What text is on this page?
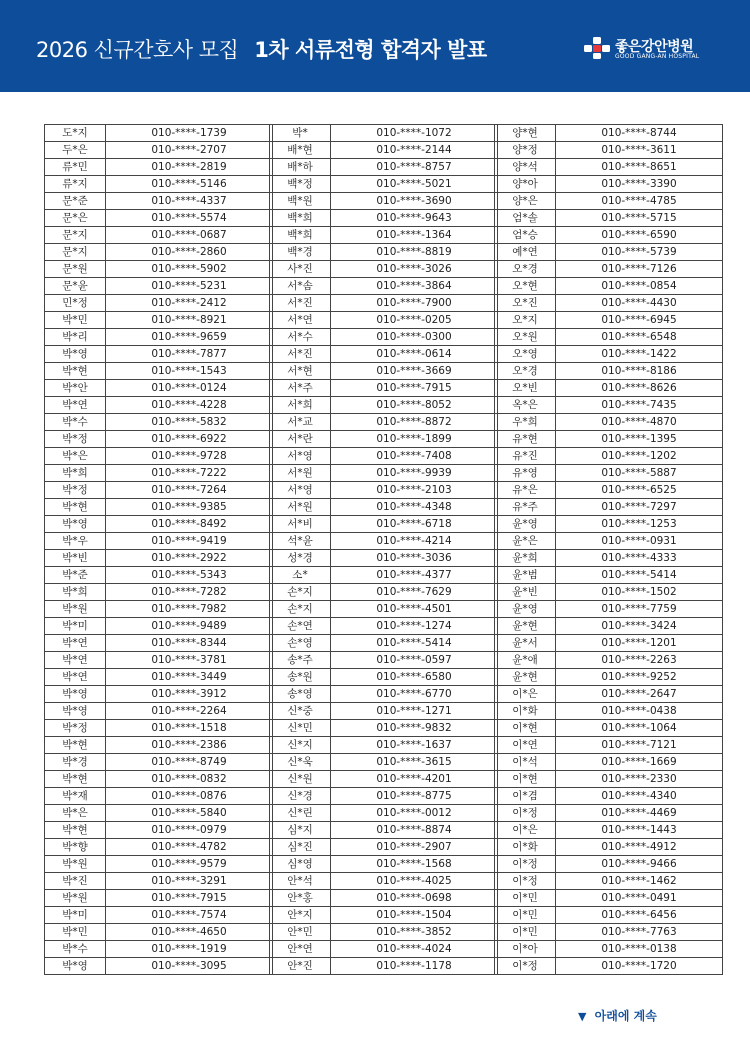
2026 신규간호사 모집 1차 서류전형 합격자 발표	좋은강안병원
GOOD GANG-AN HOSPITAL
도*지	010-****-1739
두*은	010-****-2707
류*민	010-****-2819
류*지	010-****-5146
문*준	010-****-4337
문*은	010-****-5574
문*지	010-****-0687
문*지	010-****-2860
문*원	010-****-5902
문*윤	010-****-5231
민*정	010-****-2412
박*민	010-****-8921
박*리	010-****-9659
박*영	010-****-7877
박*현	010-****-1543
박*안	010-****-0124
박*연	010-****-4228
박*수	010-****-5832
박*정	010-****-6922
박*은	010-****-9728
박*희	010-****-7222
박*정	010-****-7264
박*현	010-****-9385
박*영	010-****-8492
박*우	010-****-9419
박*빈	010-****-2922
박*준	010-****-5343
박*희	010-****-7282
박*원	010-****-7982
박*미	010-****-9489
박*연	010-****-8344
박*연	010-****-3781
박*연	010-****-3449
박*영	010-****-3912
박*영	010-****-2264
박*정	010-****-1518
박*현	010-****-2386
박*경	010-****-8749
박*현	010-****-0832
박*재	010-****-0876
박*은	010-****-5840
박*현	010-****-0979
박*향	010-****-4782
박*원	010-****-9579
박*진	010-****-3291
박*원	010-****-7915
박*미	010-****-7574
박*민	010-****-4650
박*수	010-****-1919
박*영	010-****-3095
박*	010-****-1072
배*현	010-****-2144
배*하	010-****-8757
백*정	010-****-5021
백*원	010-****-3690
백*희	010-****-9643
백*희	010-****-1364
백*경	010-****-8819
사*진	010-****-3026
서*솜	010-****-3864
서*진	010-****-7900
서*연	010-****-0205
서*수	010-****-0300
서*진	010-****-0614
서*현	010-****-3669
서*주	010-****-7915
서*희	010-****-8052
서*교	010-****-8872
서*란	010-****-1899
서*영	010-****-7408
서*원	010-****-9939
서*영	010-****-2103
서*원	010-****-4348
서*비	010-****-6718
석*윤	010-****-4214
성*경	010-****-3036
소*	010-****-4377
손*지	010-****-7629
손*지	010-****-4501
손*연	010-****-1274
손*영	010-****-5414
송*주	010-****-0597
송*원	010-****-6580
송*영	010-****-6770
신*중	010-****-1271
신*민	010-****-9832
신*지	010-****-1637
신*욱	010-****-3615
신*원	010-****-4201
신*경	010-****-8775
신*린	010-****-0012
심*지	010-****-8874
심*진	010-****-2907
심*영	010-****-1568
안*석	010-****-4025
안*홍	010-****-0698
안*지	010-****-1504
안*민	010-****-3852
안*연	010-****-4024
안*진	010-****-1178
양*현	010-****-8744
양*정	010-****-3611
양*석	010-****-8651
양*아	010-****-3390
양*은	010-****-4785
엄*솔	010-****-5715
엄*승	010-****-6590
예*연	010-****-5739
오*경	010-****-7126
오*현	010-****-0854
오*진	010-****-4430
오*지	010-****-6945
오*원	010-****-6548
오*영	010-****-1422
오*경	010-****-8186
오*빈	010-****-8626
옥*은	010-****-7435
우*희	010-****-4870
유*현	010-****-1395
유*진	010-****-1202
유*영	010-****-5887
유*은	010-****-6525
유*주	010-****-7297
윤*영	010-****-1253
윤*은	010-****-0931
윤*희	010-****-4333
윤*범	010-****-5414
윤*빈	010-****-1502
윤*영	010-****-7759
윤*현	010-****-3424
윤*서	010-****-1201
윤*애	010-****-2263
윤*현	010-****-9252
이*은	010-****-2647
이*화	010-****-0438
이*현	010-****-1064
이*연	010-****-7121
이*석	010-****-1669
이*현	010-****-2330
이*겸	010-****-4340
이*정	010-****-4469
이*은	010-****-1443
이*화	010-****-4912
이*정	010-****-9466
이*정	010-****-1462
이*민	010-****-0491
이*민	010-****-6456
이*민	010-****-7763
이*아	010-****-0138
이*정	010-****-1720
▼ 아래에 계속
